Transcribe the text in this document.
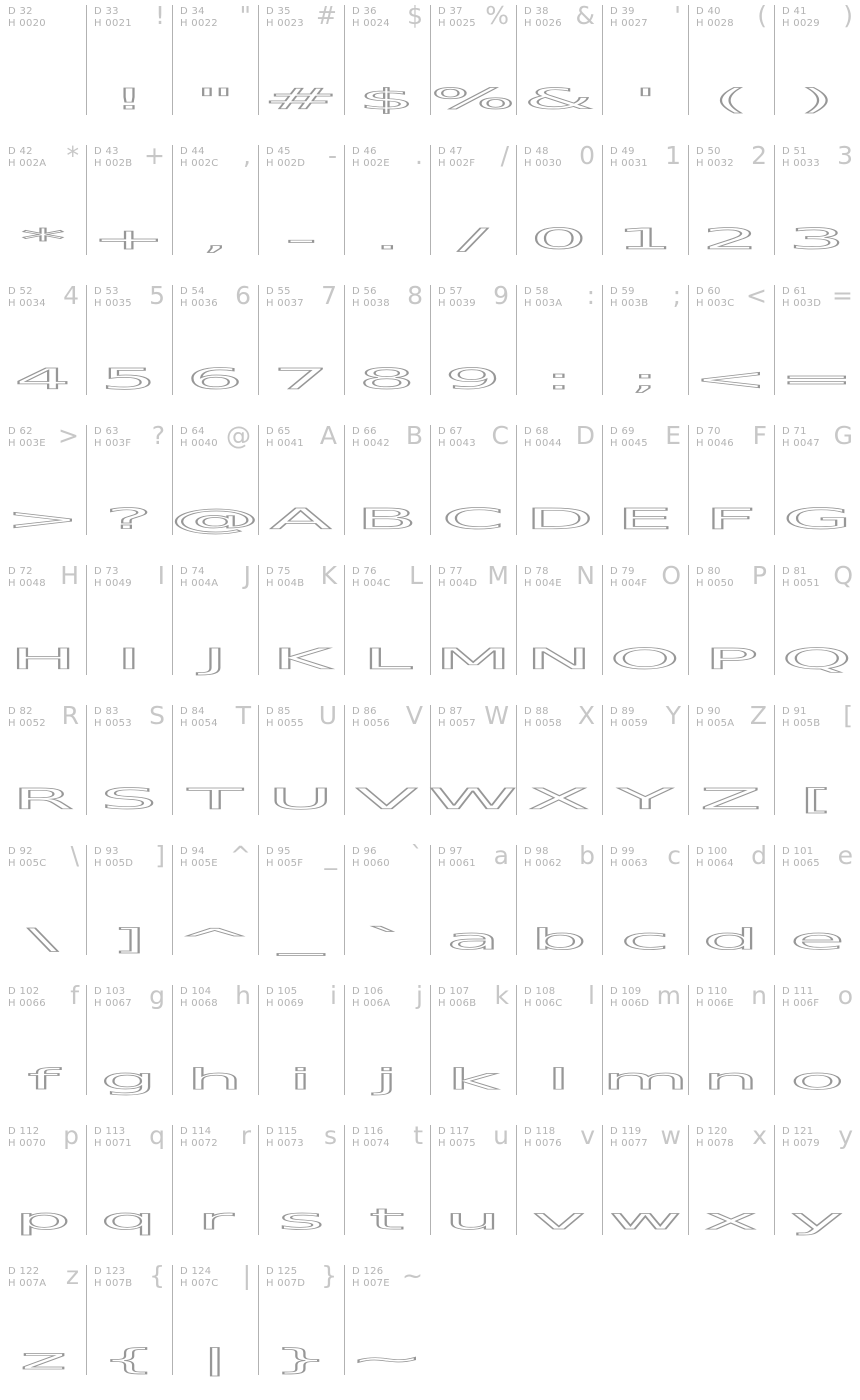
D 32
H 0020

D 33
H 0021 !
!
D 34
H 0022 "
"
D 35
H 0023 #
#
D 36
H 0024 $
$
D 37
H 0025 %
%
D 38
H 0026 &
&
D 39
H 0027 '
'
D 40
H 0028 (
(
D 41
H 0029 )
)
D 42
H 002A *
*
D 43
H 002B +
+
D 44
H 002C ,
,
D 45
H 002D -
-
D 46
H 002E .
.
D 47
H 002F /
/
D 48
H 0030 0
0
D 49
H 0031 1
1
D 50
H 0032 2
2
D 51
H 0033 3
3
D 52
H 0034 4
4
D 53
H 0035 5
5
D 54
H 0036 6
6
D 55
H 0037 7
7
D 56
H 0038 8
8
D 57
H 0039 9
9
D 58
H 003A :
:
D 59
H 003B ;
;
D 60
H 003C <
<
D 61
H 003D =
=
D 62
H 003E >
>
D 63
H 003F ?
?
D 64
H 0040 @
@
D 65
H 0041 A
A
D 66
H 0042 B
B
D 67
H 0043 C
C
D 68
H 0044 D
D
D 69
H 0045 E
E
D 70
H 0046 F
F
D 71
H 0047 G
G
D 72
H 0048 H
H
D 73
H 0049 I
I
D 74
H 004A J
J
D 75
H 004B K
K
D 76
H 004C L
L
D 77
H 004D M
M
D 78
H 004E N
N
D 79
H 004F O
O
D 80
H 0050 P
P
D 81
H 0051 Q
Q
D 82
H 0052 R
R
D 83
H 0053 S
S
D 84
H 0054 T
T
D 85
H 0055 U
U
D 86
H 0056 V
V
D 87
H 0057 W
W
D 88
H 0058 X
X
D 89
H 0059 Y
Y
D 90
H 005A Z
Z
D 91
H 005B [
[
D 92
H 005C \
\
D 93
H 005D ]
]
D 94
H 005E ^
^
D 95
H 005F _
_
D 96
H 0060 `
`
D 97
H 0061 a
a
D 98
H 0062 b
b
D 99
H 0063 c
c
D 100
H 0064 d
d
D 101
H 0065 e
e
D 102
H 0066 f
f
D 103
H 0067 g
g
D 104
H 0068 h
h
D 105
H 0069 i
i
D 106
H 006A j
j
D 107
H 006B k
k
D 108
H 006C l
l
D 109
H 006D m
m
D 110
H 006E n
n
D 111
H 006F o
o
D 112
H 0070 p
p
D 113
H 0071 q
q
D 114
H 0072 r
r
D 115
H 0073 s
s
D 116
H 0074 t
t
D 117
H 0075 u
u
D 118
H 0076 v
v
D 119
H 0077 w
w
D 120
H 0078 x
x
D 121
H 0079 y
y
D 122
H 007A z
z
D 123
H 007B {
{
D 124
H 007C |
|
D 125
H 007D }
}
D 126
H 007E ~
~
